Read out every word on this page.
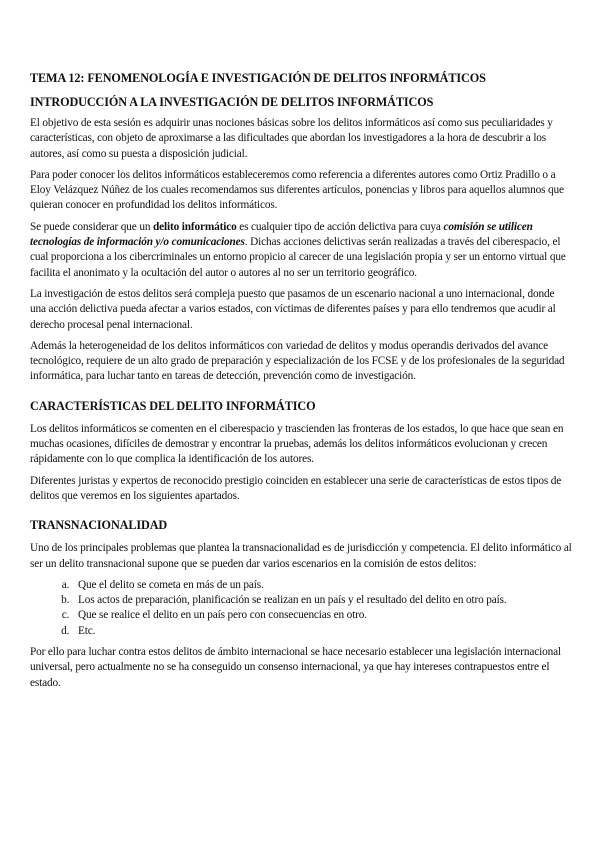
TEMA 12: FENOMENOLOGÍA E INVESTIGACIÓN DE DELITOS INFORMÁTICOS
INTRODUCCIÓN A LA INVESTIGACIÓN DE DELITOS INFORMÁTICOS

El objetivo de esta sesión es adquirir unas nociones básicas sobre los delitos informáticos así como sus peculiaridades y características, con objeto de aproximarse a las dificultades que abordan los investigadores a la hora de descubrir a los autores, así como su puesta a disposición judicial.

Para poder conocer los delitos informáticos estableceremos como referencia a diferentes autores como Ortiz Pradillo o a Eloy Velázquez Núñez de los cuales recomendamos sus diferentes artículos, ponencias y libros para aquellos alumnos que quieran conocer en profundidad los delitos informáticos.

Se puede considerar que un delito informático es cualquier tipo de acción delictiva para cuya comisión se utilicen tecnologías de información y/o comunicaciones. Dichas acciones delictivas serán realizadas a través del ciberespacio, el cual proporciona a los cibercriminales un entorno propicio al carecer de una legislación propia y ser un entorno virtual que facilita el anonimato y la ocultación del autor o autores al no ser un territorio geográfico.

La investigación de estos delitos será compleja puesto que pasamos de un escenario nacional a uno internacional, donde una acción delictiva pueda afectar a varios estados, con víctimas de diferentes países y para ello tendremos que acudir al derecho procesal penal internacional.

Además la heterogeneidad de los delitos informáticos con variedad de delitos y modus operandis derivados del avance tecnológico, requiere de un alto grado de preparación y especialización de los FCSE y de los profesionales de la seguridad informática, para luchar tanto en tareas de detección, prevención como de investigación.

CARACTERÍSTICAS DEL DELITO INFORMÁTICO

Los delitos informáticos se comenten en el ciberespacio y trascienden las fronteras de los estados, lo que hace que sean en muchas ocasiones, difíciles de demostrar y encontrar la pruebas, además los delitos informáticos evolucionan y crecen rápidamente con lo que complica la identificación de los autores.

Diferentes juristas y expertos de reconocido prestigio coinciden en establecer una serie de características de estos tipos de delitos que veremos en los siguientes apartados.

TRANSNACIONALIDAD

Uno de los principales problemas que plantea la transnacionalidad es de jurisdicción y competencia. El delito informático al ser un delito transnacional supone que se pueden dar varios escenarios en la comisión de estos delitos:

a. Que el delito se cometa en más de un país.
b. Los actos de preparación, planificación se realizan en un país y el resultado del delito en otro país.
c. Que se realice el delito en un país pero con consecuencias en otro.
d. Etc.

Por ello para luchar contra estos delitos de ámbito internacional se hace necesario establecer una legislación internacional universal, pero actualmente no se ha conseguido un consenso internacional, ya que hay intereses contrapuestos entre el estado.
